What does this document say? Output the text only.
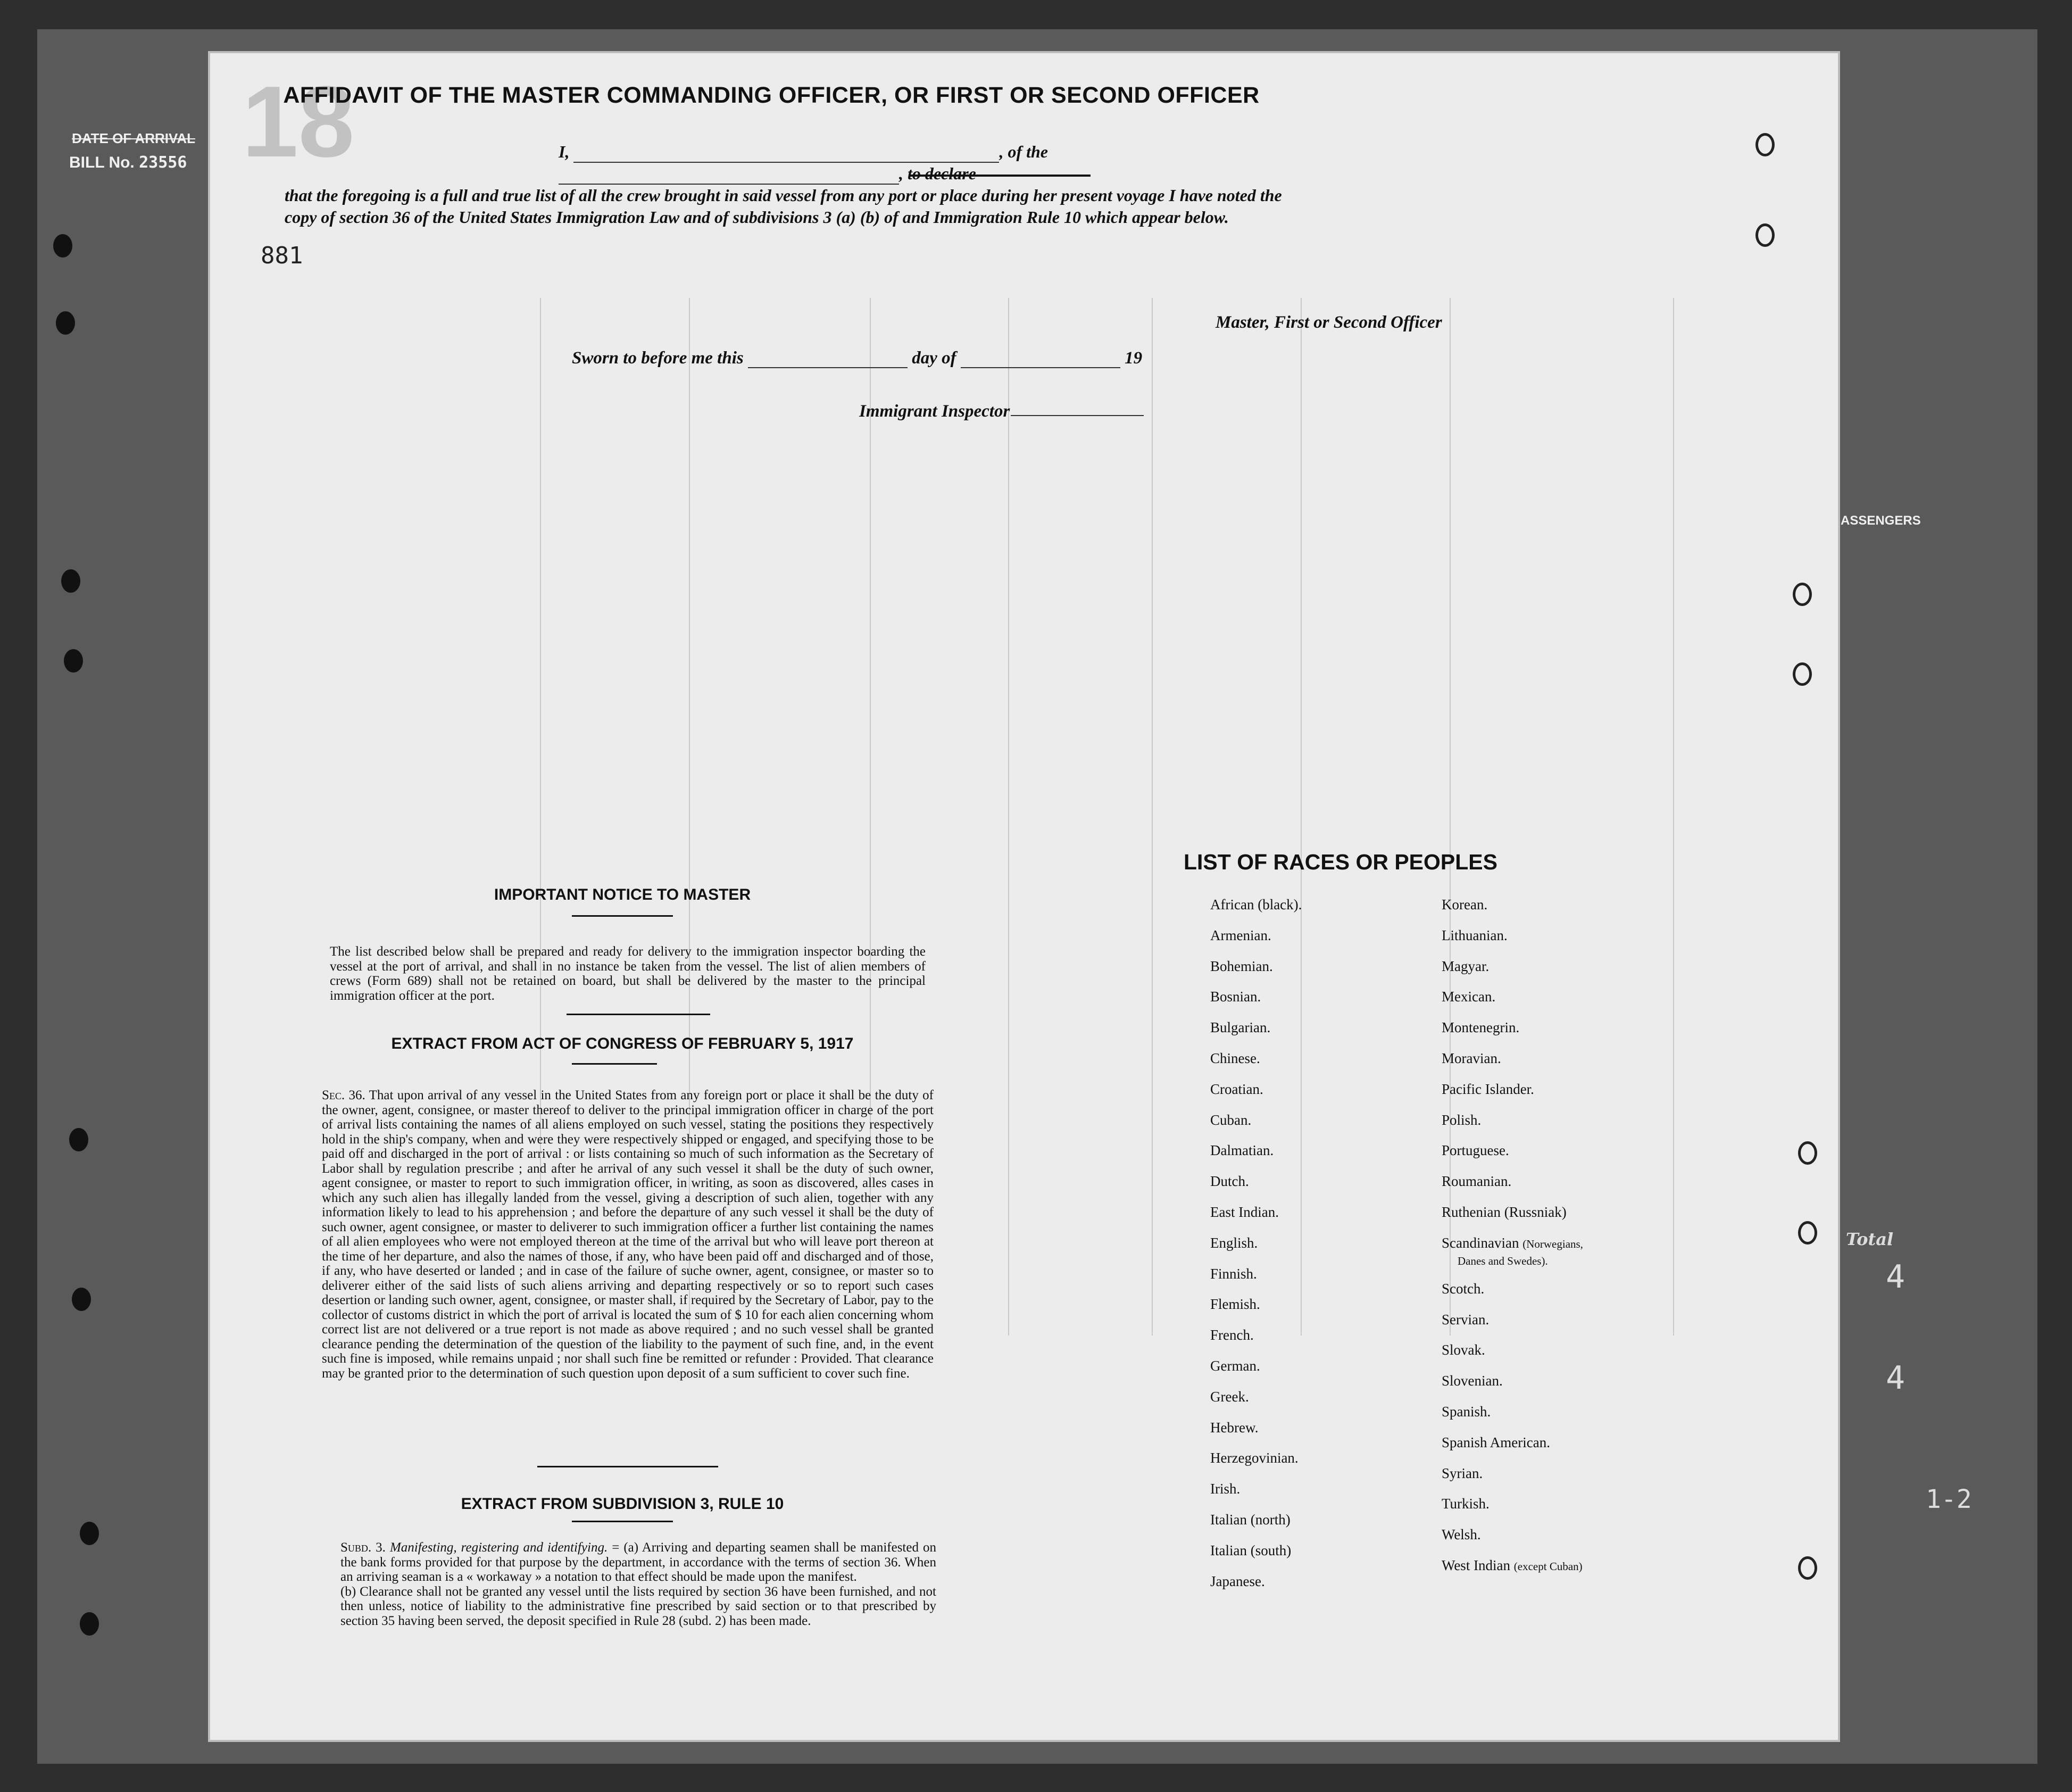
DATE OF ARRIVAL
BILL No. 23556
ASSENGERS
18
AFFIDAVIT OF THE MASTER COMMANDING OFFICER, OR FIRST OR SECOND OFFICER
881
I,	, of the , to declare
that the foregoing is a full and true list of all the crew brought in said vessel from any port or place during her present voyage I have noted the copy of section 36 of the United States Immigration Law and of subdivisions 3 (a) (b) of and Immigration Rule 10 which appear below.
Master, First or Second Officer
Sworn to before me this	day of	19
Immigrant Inspector
IMPORTANT NOTICE TO MASTER
The list described below shall be prepared and ready for delivery to the immigration inspector boarding the vessel at the port of arrival, and shall in no instance be taken from the vessel. The list of alien members of crews (Form 689) shall not be retained on board, but shall be delivered by the master to the principal immigration officer at the port.
EXTRACT FROM ACT OF CONGRESS OF FEBRUARY 5, 1917
Sec. 36. That upon arrival of any vessel in the United States from any foreign port or place it shall be the duty of the owner, agent, consignee, or master thereof to deliver to the principal immigration officer in charge of the port of arrival lists containing the names of all aliens employed on such vessel, stating the positions they respectively hold in the ship's company, when and were they were respectively shipped or engaged, and specifying those to be paid off and discharged in the port of arrival : or lists containing so much of such information as the Secretary of Labor shall by regulation prescribe ; and after he arrival of any such vessel it shall be the duty of such owner, agent consignee, or master to report to such immigration officer, in writing, as soon as discovered, alles cases in which any such alien has illegally landed from the vessel, giving a description of such alien, together with any information likely to lead to his apprehension ; and before the departure of any such vessel it shall be the duty of such owner, agent consignee, or master to deliverer to such immigration officer a further list containing the names of all alien employees who were not employed thereon at the time of the arrival but who will leave port thereon at the time of her departure, and also the names of those, if any, who have been paid off and discharged and of those, if any, who have deserted or landed ; and in case of the failure of suche owner, agent, consignee, or master so to deliverer either of the said lists of such aliens arriving and departing respectively or so to report such cases desertion or landing such owner, agent, consignee, or master shall, if required by the Secretary of Labor, pay to the collector of customs district in which the port of arrival is located the sum of $ 10 for each alien concerning whom correct list are not delivered or a true report is not made as above required ; and no such vessel shall be granted clearance pending the determination of the question of the liability to the payment of such fine, and, in the event such fine is imposed, while remains unpaid ; nor shall such fine be remitted or refunder : Provided. That clearance may be granted prior to the determination of such question upon deposit of a sum sufficient to cover such fine.
EXTRACT FROM SUBDIVISION 3, RULE 10
Subd. 3. Manifesting, registering and identifying. = (a) Arriving and departing seamen shall be manifested on the bank forms provided for that purpose by the department, in accordance with the terms of section 36. When an arriving seaman is a « workaway » a notation to that effect should be made upon the manifest.
(b) Clearance shall not be granted any vessel until the lists required by section 36 have been furnished, and not then unless, notice of liability to the administrative fine prescribed by said section or to that prescribed by section 35 having been served, the deposit specified in Rule 28 (subd. 2) has been made.
LIST OF RACES OR PEOPLES
African (black).
Armenian.
Bohemian.
Bosnian.
Bulgarian.
Chinese.
Croatian.
Cuban.
Dalmatian.
Dutch.
East Indian.
English.
Finnish.
Flemish.
French.
German.
Greek.
Hebrew.
Herzegovinian.
Irish.
Italian (north)
Italian (south)
Japanese.
Korean.
Lithuanian.
Magyar.
Mexican.
Montenegrin.
Moravian.
Pacific Islander.
Polish.
Portuguese.
Roumanian.
Ruthenian (Russniak)
Scandinavian (Norwegians,
Danes and Swedes).
Scotch.
Servian.
Slovak.
Slovenian.
Spanish.
Spanish American.
Syrian.
Turkish.
Welsh.
West Indian (except Cuban)
Total
4
4
1-2
